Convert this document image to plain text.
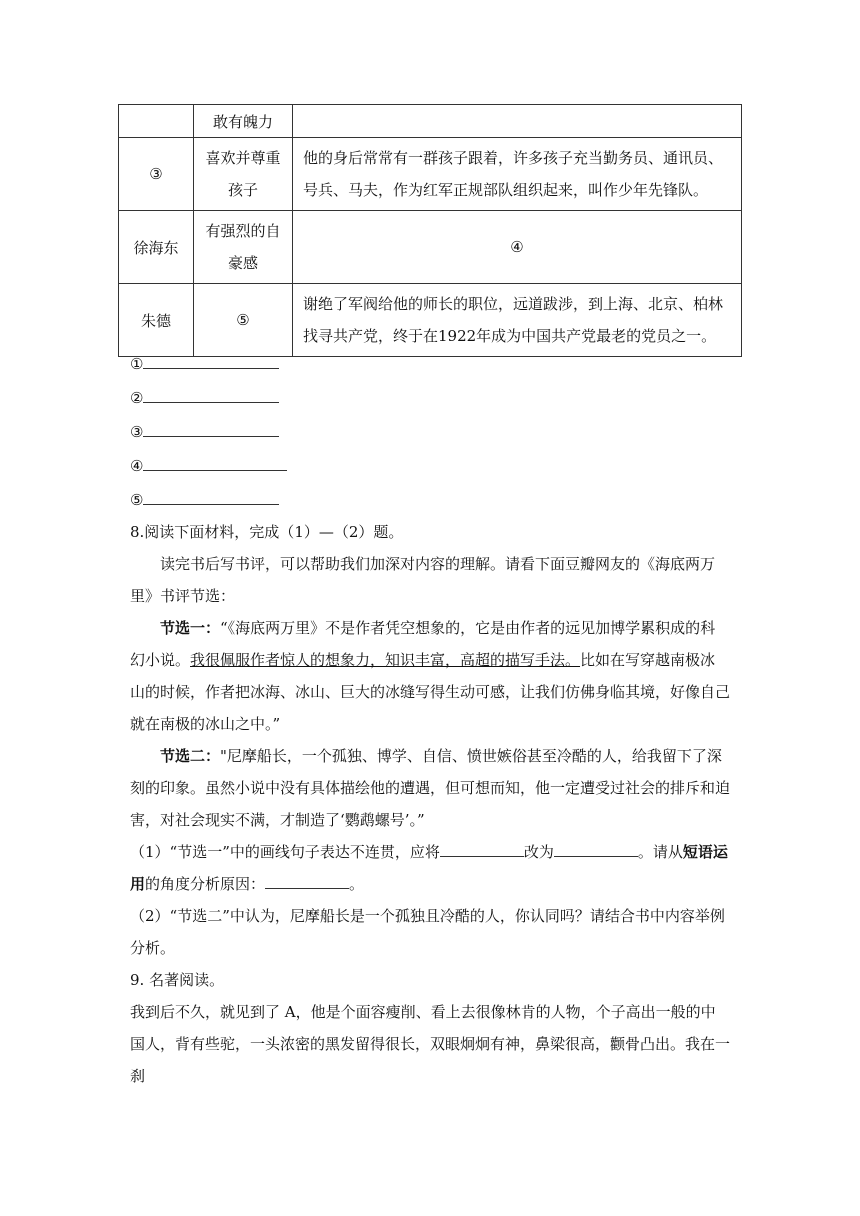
	敢有魄力	
③	喜欢并尊重孩子	他的身后常常有一群孩子跟着，许多孩子充当勤务员、通讯员、号兵、马夫，作为红军正规部队组织起来，叫作少年先锋队。
徐海东	有强烈的自豪感	④
朱德	⑤	谢绝了军阀给他的师长的职位，远道跋涉，到上海、北京、柏林找寻共产党，终于在1922年成为中国共产党最老的党员之一。
①
②
③
④
⑤
8.阅读下面材料，完成（1）—（2）题。
读完书后写书评，可以帮助我们加深对内容的理解。请看下面豆瓣网友的《海底两万里》书评节选：
节选一：“《海底两万里》不是作者凭空想象的，它是由作者的远见加博学累积成的科幻小说。我很佩服作者惊人的想象力，知识丰富，高超的描写手法。比如在写穿越南极冰山的时候，作者把冰海、冰山、巨大的冰缝写得生动可感，让我们仿佛身临其境，好像自己就在南极的冰山之中。”
节选二："尼摩船长，一个孤独、博学、自信、愤世嫉俗甚至冷酷的人，给我留下了深刻的印象。虽然小说中没有具体描绘他的遭遇，但可想而知，他一定遭受过社会的排斥和迫害，对社会现实不满，才制造了‘鹦鹉螺号’。”
（1）“节选一”中的画线句子表达不连贯，应将	改为	。请从短语运用的角度分析原因：	。
（2）“节选二”中认为，尼摩船长是一个孤独且冷酷的人，你认同吗？请结合书中内容举例分析。
9. 名著阅读。
我到后不久，就见到了 A，他是个面容瘦削、看上去很像林肯的人物，个子高出一般的中国人，背有些驼，一头浓密的黑发留得很长，双眼炯炯有神，鼻梁很高，颧骨凸出。我在一刹
